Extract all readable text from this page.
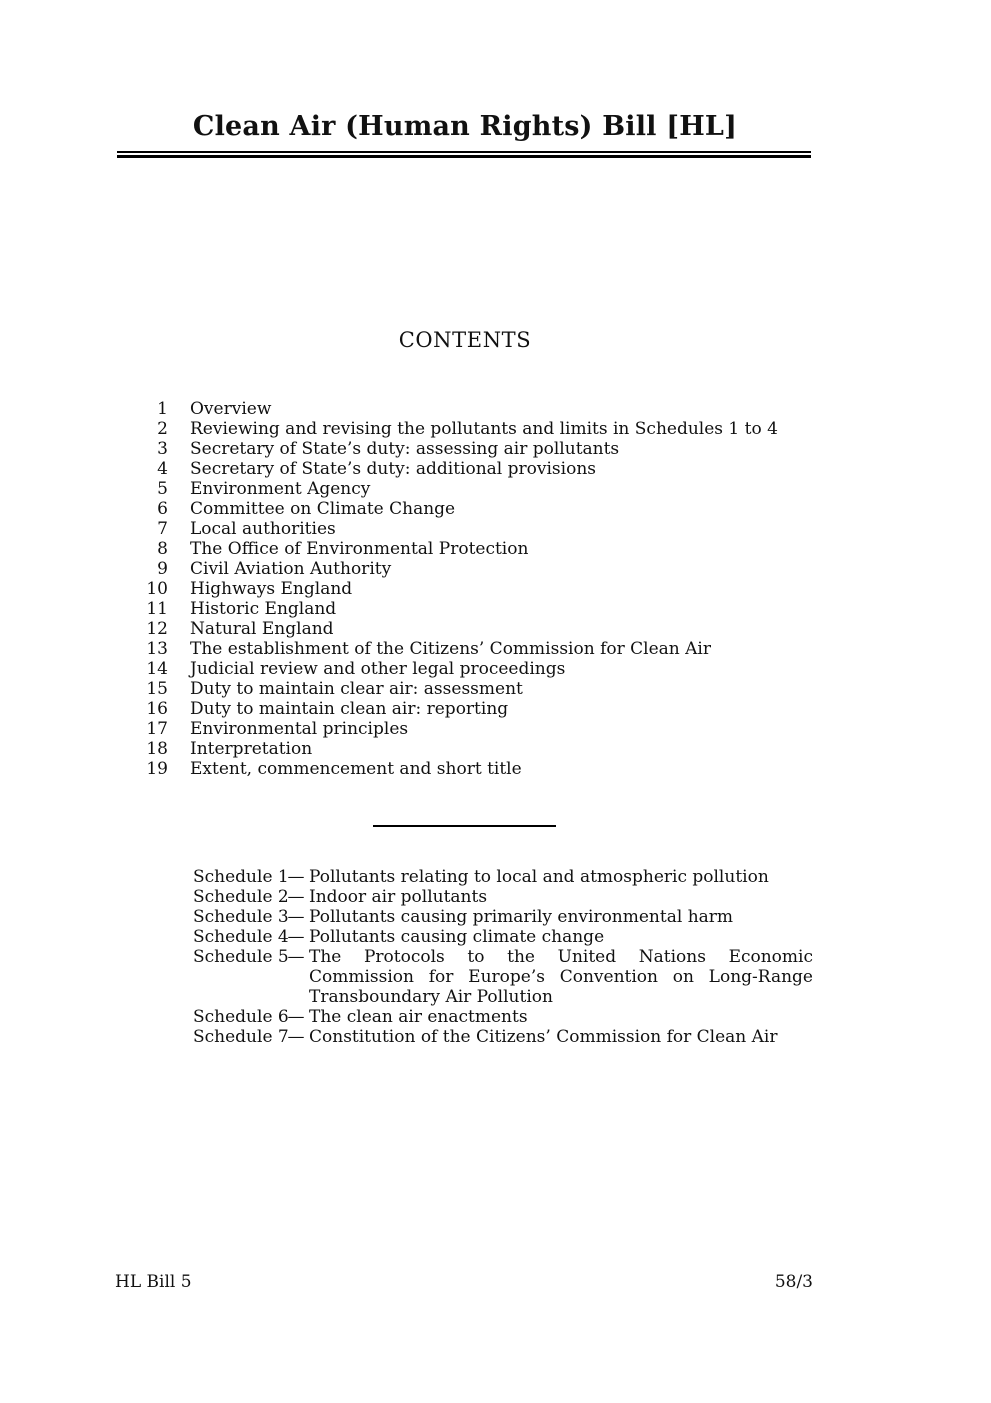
Clean Air (Human Rights) Bill [HL]
CONTENTS
1 Overview
2 Reviewing and revising the pollutants and limits in Schedules 1 to 4
3 Secretary of State’s duty: assessing air pollutants
4 Secretary of State’s duty: additional provisions
5 Environment Agency
6 Committee on Climate Change
7 Local authorities
8 The Office of Environmental Protection
9 Civil Aviation Authority
10 Highways England
11 Historic England
12 Natural England
13 The establishment of the Citizens’ Commission for Clean Air
14 Judicial review and other legal proceedings
15 Duty to maintain clear air: assessment
16 Duty to maintain clean air: reporting
17 Environmental principles
18 Interpretation
19 Extent, commencement and short title
Schedule 1
— Pollutants relating to local and atmospheric pollution
Schedule 2
— Indoor air pollutants
Schedule 3
— Pollutants causing primarily environmental harm
Schedule 4
— Pollutants causing climate change
Schedule 5
— The Protocols to the United Nations Economic Commission for Europe’s Convention on Long-Range Transboundary Air Pollution
Schedule 6
— The clean air enactments
Schedule 7
— Constitution of the Citizens’ Commission for Clean Air
HL Bill 5	58/3
